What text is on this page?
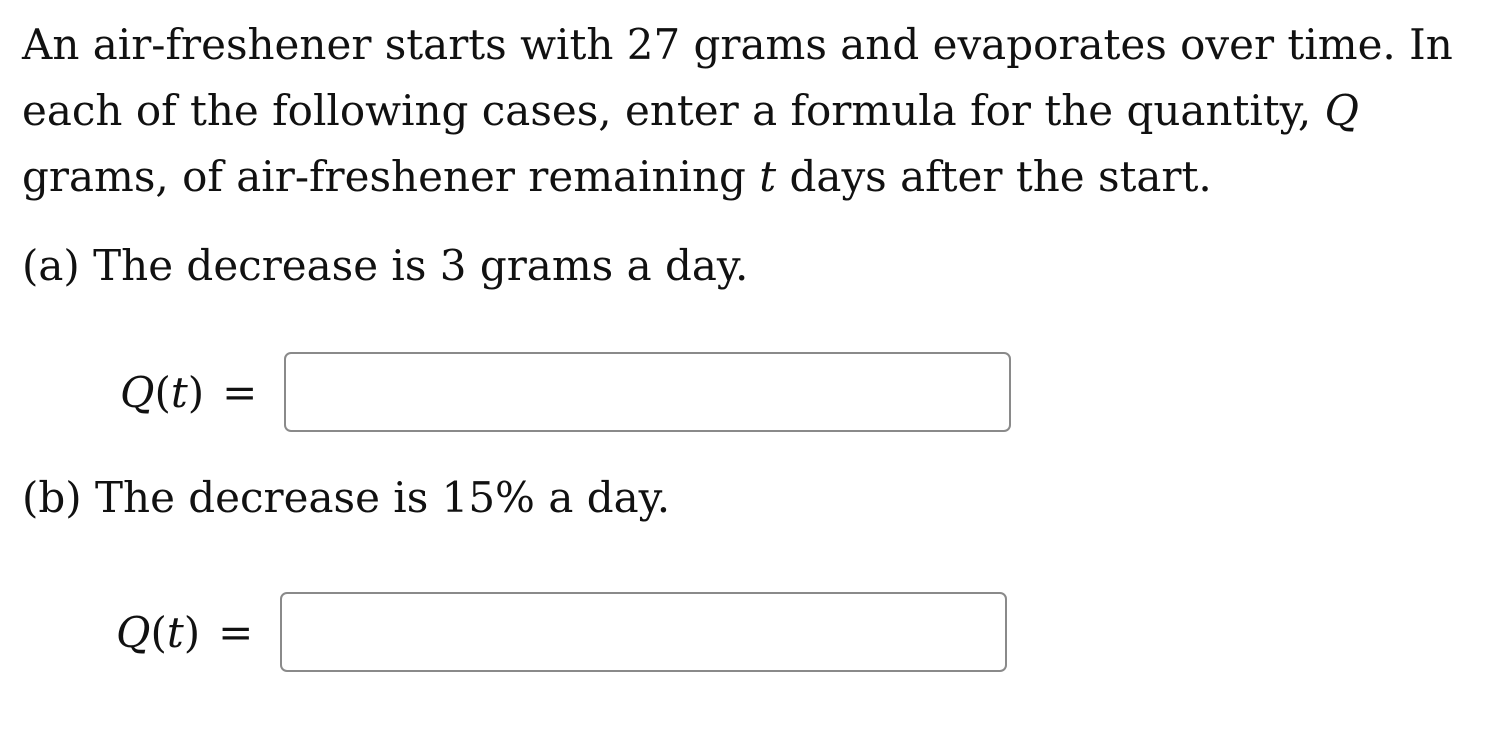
An air-freshener starts with 27 grams and evaporates over time. In
each of the following cases, enter a formula for the quantity, Q
grams, of air-freshener remaining t days after the start.

(a) The decrease is 3 grams a day.

Q(t) =

(b) The decrease is 15% a day.

Q(t) =
